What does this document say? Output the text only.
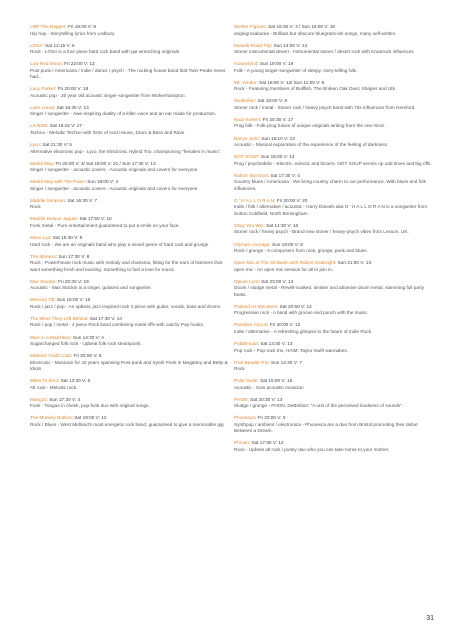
LMF The Rapper: Fri 19:00 V: 9
Hip hop - Storytelling lyrics from Ledbury
LOSA: Sat 12:15 V: 6
Rock - LOSA is a four piece hard rock band with gut wrenching originals
Low Red Moon: Fri 22:00 V: 12
Post punk / Americana / Indie / dance / psych - The rocking house band that Twin Peaks never had...
Lucy Parker: Fri 20:00 V: 18
Acoustic pop - 20 year old acoustic singer-songwriter from Wolverhampton.
Luke Lucas: Sat 16:30 V: 13
Singer / songwriter - Awe-inspiring duality of a killer voice and an ear made for production.
LX NDN: Sat 16:15 V: 17
Techno - Melodic Techno with hints of Acid House, Drum & Bass and Rave
Lyco: Sat 21:30 V: 5
Alternative electronic pop - Lyco, the Electronic Hybrid Trio, championing "females in music".
Maddi May: Fri 20:00 V: 3/ Sat 19:00 V: 21 / Sun 17:30 V: 13
Singer / songwriter - acoustic covers - Acoustic originals and covers for everyone
Maddi May with The Paws: Sun 19:00 V: 4
Singer / songwriter - acoustic covers - Acoustic originals and covers for everyone
Maddie Simpson: Sat 16:30 V: 7
Rock
Maddie Deluxe Jaguar: Sat 17:50 V: 10
Funk metal - Pure entertainment guaranteed to put a smile on your face.
Mans Lye: Sat 15:30 V: 9
Hard rock - We are an originals band who play a mixed genre of hard rock and grunge
The Maness: Sun 17:30 V: 8
Rock - Powerhouse rock music with melody and charisma, fitting for the ears of listeners that want something fresh and exciting. Something to fuel a love for music.
Max Stockin: Fri 20:30 V: 19
Acoustic - Max Stockin is a singer, guitarist and songwriter.
Mercury Tilt: Sun 16:00 V: 16
Rock / jazz / pop - An upbeat, jazz-inspired-rock 3 piece with guitar, vocals, bass and drums.
The Mess They Left Behind: Sat 17:30 V: 14
Rock / pop / metal - 4 piece Rock band combining metal riffs with catchy Pop hooks.
Mice in a Matchbox: Sun 14:30 V: 4
Sugarcharged folk rock - Upbeat folk rock steampunk.
Midwich Youth Club: Fri 20:00 V: 8
Electronic - Musician for 43 years spanning Post-punk and Synth Punk in Megatery and Betty & Idiots
Miles To Zero: Sat 13:30 V: 6
Alt rock - Melodic rock.
Mangoz: Sun 17:30 V: 4
Funk - Tongue in cheek, pop-funk duo with original songs.
The Monkey Butlers: Sat 19:00 V: 12
Rock / Blues - West Midland's most energetic rock band, guaranteed to give a memorable gig
Mother Figures: Sat 16:30 V: 3 / Sun 15:00 V: 16
anglogrosaboma - Brilliant but obscure bluegrass-ish songs, many self-written.
Motorik Road Trip: Sun 14:00 V: 14
Stoner instrumental desert - Instrumental stoner / desert rock with Krautrock influences
mousehmd: Sun 19:00 V: 19
Folk - A young singer-songwriter of sleepy, story-telling folk.
Mt. Yonder: Sat 18:00 V: 12/ Sun 11:00 V: 6
Rock - Featuring members of Bullfish, The Broken Oak Duet, Shapes and Utk.
Mudlarker: Sat 19:00 V: 8
Stoner rock / metal - Stoner rock / heavy psych band with 70s influences from Hereford.
Nadi Harlem: Fri 20:30 V: 17
Prog folk - Folk-prog fusion of unique originals writing from the one mind.
Nanys John: Sun 15:10 V: 13
Acoustic - Musical exploration of the experience of the feeling of darkness.
NOT SOUP: Sun 15:00 V: 14
Prog / psychedelic - Electric, eclectic and bizarre. NOT SOUP serves up odd times and big riffs.
Nothin' But Dust: Sat 17:30 V: 4
Country blues / Americana - We bring country charm to our performance. With blues and folk influences.
O ' H A L L O R A N: Fri 20:00 V: 20
Indie / folk / alternative / acoustic - Harry Daniels aka O ' H A L L O R A N is a songwriter from Sutton Coldfield, North Birmingham.
Okay You Win: Sat 14:30 V: 10
Stoner rock / heavy psych - Brand new stoner / heavy-psych vibes from Lesson, UK.
Olympic Average: Sun 19:00 V: 8
Rock / grunge - 5 composers from rock, grunge, punk and blues.
Open Mic at The Oil Basin with Robert Seabright: Sun 21:00 V: 13
open mic - An open mic session for all to join in.
Opium Lord: Sat 23:00 V: 13
Doom / sludge metal - Revelt-soaked, sinister and abrasive doom metal, slamming full party beats.
Painted As Monsters: Sat 20:50 V: 14
Progressive rock - A band with groove and punch with the music.
Paradise Circus: Fri 20:00 V: 12
Indie / alternative - A refreshing glimpse to the future of Indie Rock.
Pubblmuda: Sat 13:30 V: 13
Pop rock - Pop-rock trio, HAIM, Taylor Swift wannabes.
Paul Beadle Trio: Sun 14:30 V: 7
Rock
Polar Dude: Sat 15:00 V: 16
Acoustic - Solo acoustic musician
PHON: Sat 20:30 V: 13
Sludge / grunge - PHON, DeBrittion: "A unit of the perceived loudness of sounds".
Phonesca: Fri 20:00 V: 5
Synthpop / ambient / electronica - Phonesca are a duo from Bristol promoting their debut Between a Dream.
Phrvan: Sat 17:00 V: 12
Rock - Upbeat alt rock / punky duo who you can take home to your mother.
31
